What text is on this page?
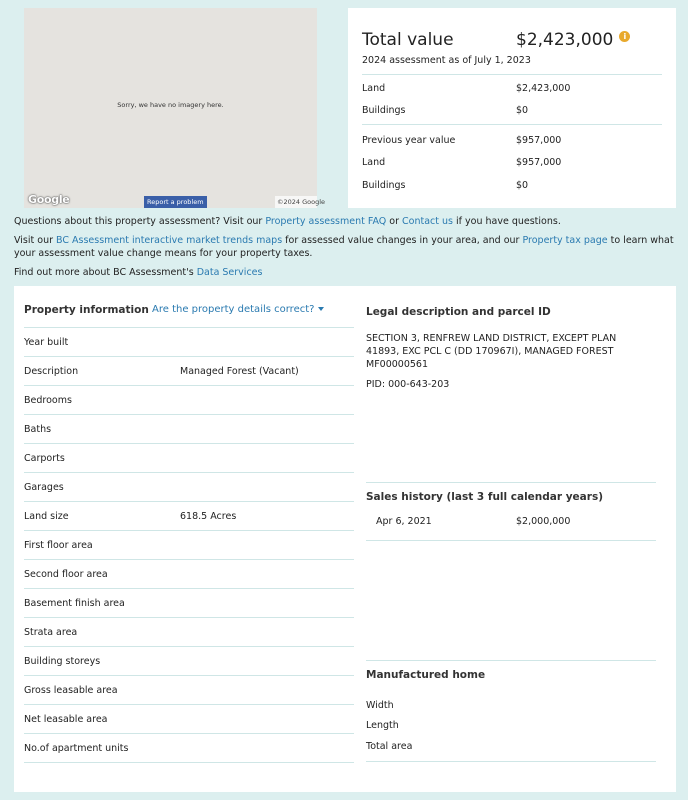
Sorry, we have no imagery here.
Google	Report a problem	©2024 Google
Total value	$2,423,000	i
2024 assessment as of July 1, 2023
Land	$2,423,000
Buildings	$0
Previous year value	$957,000
Land	$957,000
Buildings	$0
Questions about this property assessment? Visit our Property assessment FAQ or Contact us if you have questions.
Visit our BC Assessment interactive market trends maps for assessed value changes in your area, and our Property tax page to learn what your assessment value change means for your property taxes.
Find out more about BC Assessment's Data Services
Property information Are the property details correct?
Year built
Description	Managed Forest (Vacant)
Bedrooms
Baths
Carports
Garages
Land size	618.5 Acres
First floor area
Second floor area
Basement finish area
Strata area
Building storeys
Gross leasable area
Net leasable area
No.of apartment units
Legal description and parcel ID
SECTION 3, RENFREW LAND DISTRICT, EXCEPT PLAN 41893, EXC PCL C (DD 170967I), MANAGED FOREST MF00000561
PID: 000-643-203
Sales history (last 3 full calendar years)
Apr 6, 2021	$2,000,000
Manufactured home
Width
Length
Total area
